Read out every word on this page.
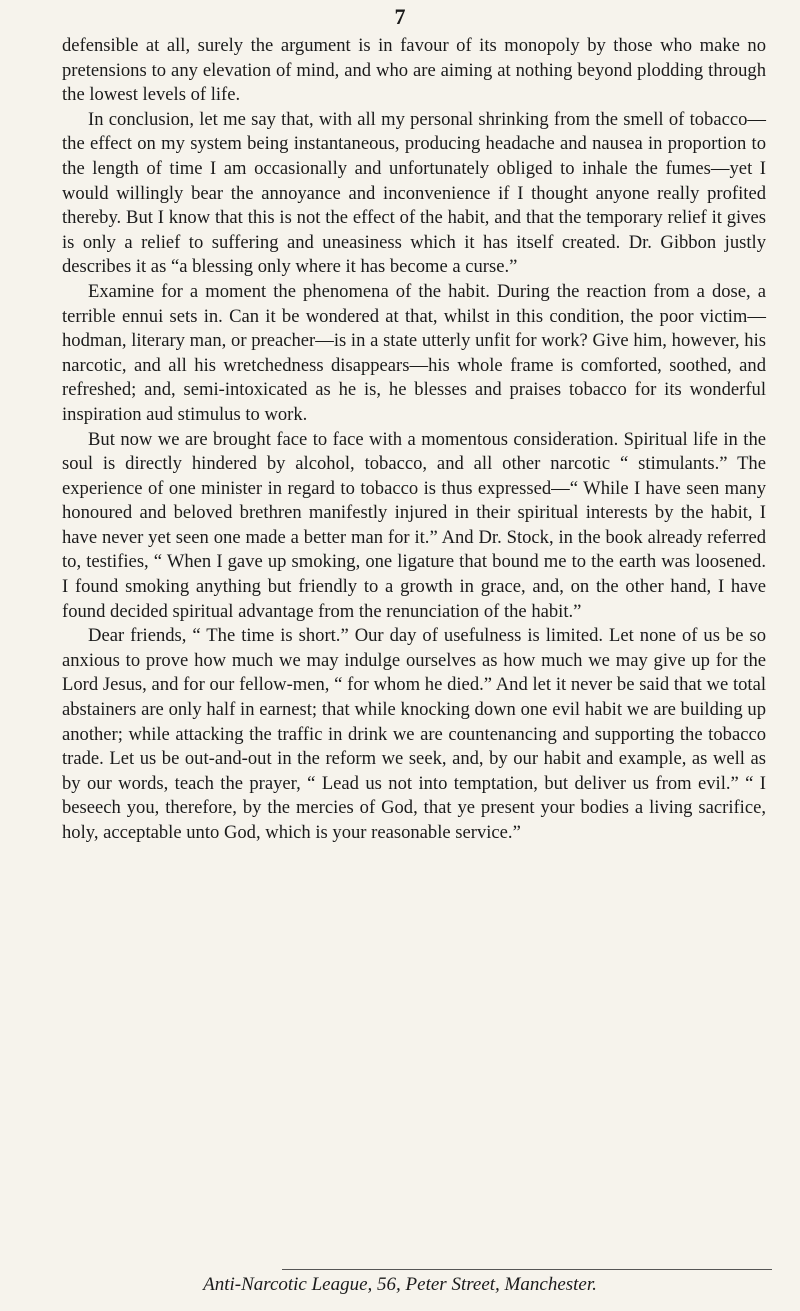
7

defensible at all, surely the argument is in favour of its monopoly by those who make no pretensions to any elevation of mind, and who are aiming at nothing beyond plodding through the lowest levels of life.

In conclusion, let me say that, with all my personal shrinking from the smell of tobacco—the effect on my system being instantaneous, producing headache and nausea in proportion to the length of time I am occasionally and unfortunately obliged to inhale the fumes—yet I would willingly bear the annoyance and inconvenience if I thought anyone really profited thereby. But I know that this is not the effect of the habit, and that the temporary relief it gives is only a relief to suffering and uneasiness which it has itself created. Dr. Gibbon justly describes it as “a blessing only where it has become a curse.”

Examine for a moment the phenomena of the habit. During the reaction from a dose, a terrible ennui sets in. Can it be wondered at that, whilst in this condition, the poor victim—hodman, literary man, or preacher—is in a state utterly unfit for work? Give him, however, his narcotic, and all his wretchedness disappears—his whole frame is comforted, soothed, and refreshed; and, semi-intoxicated as he is, he blesses and praises tobacco for its wonderful inspiration aud stimulus to work.

But now we are brought face to face with a momentous consideration. Spiritual life in the soul is directly hindered by alcohol, tobacco, and all other narcotic “ stimulants.” The experience of one minister in regard to tobacco is thus expressed—“ While I have seen many honoured and beloved brethren manifestly injured in their spiritual interests by the habit, I have never yet seen one made a better man for it.” And Dr. Stock, in the book already referred to, testifies, “ When I gave up smoking, one ligature that bound me to the earth was loosened. I found smoking anything but friendly to a growth in grace, and, on the other hand, I have found decided spiritual advantage from the renunciation of the habit.”

Dear friends, “ The time is short.” Our day of usefulness is limited. Let none of us be so anxious to prove how much we may indulge ourselves as how much we may give up for the Lord Jesus, and for our fellow-men, “ for whom he died.” And let it never be said that we total abstainers are only half in earnest; that while knocking down one evil habit we are building up another; while attacking the traffic in drink we are countenancing and supporting the tobacco trade. Let us be out-and-out in the reform we seek, and, by our habit and example, as well as by our words, teach the prayer, “ Lead us not into temptation, but deliver us from evil.” “ I beseech you, therefore, by the mercies of God, that ye present your bodies a living sacrifice, holy, acceptable unto God, which is your reasonable service.”

Anti-Narcotic League, 56, Peter Street, Manchester.
